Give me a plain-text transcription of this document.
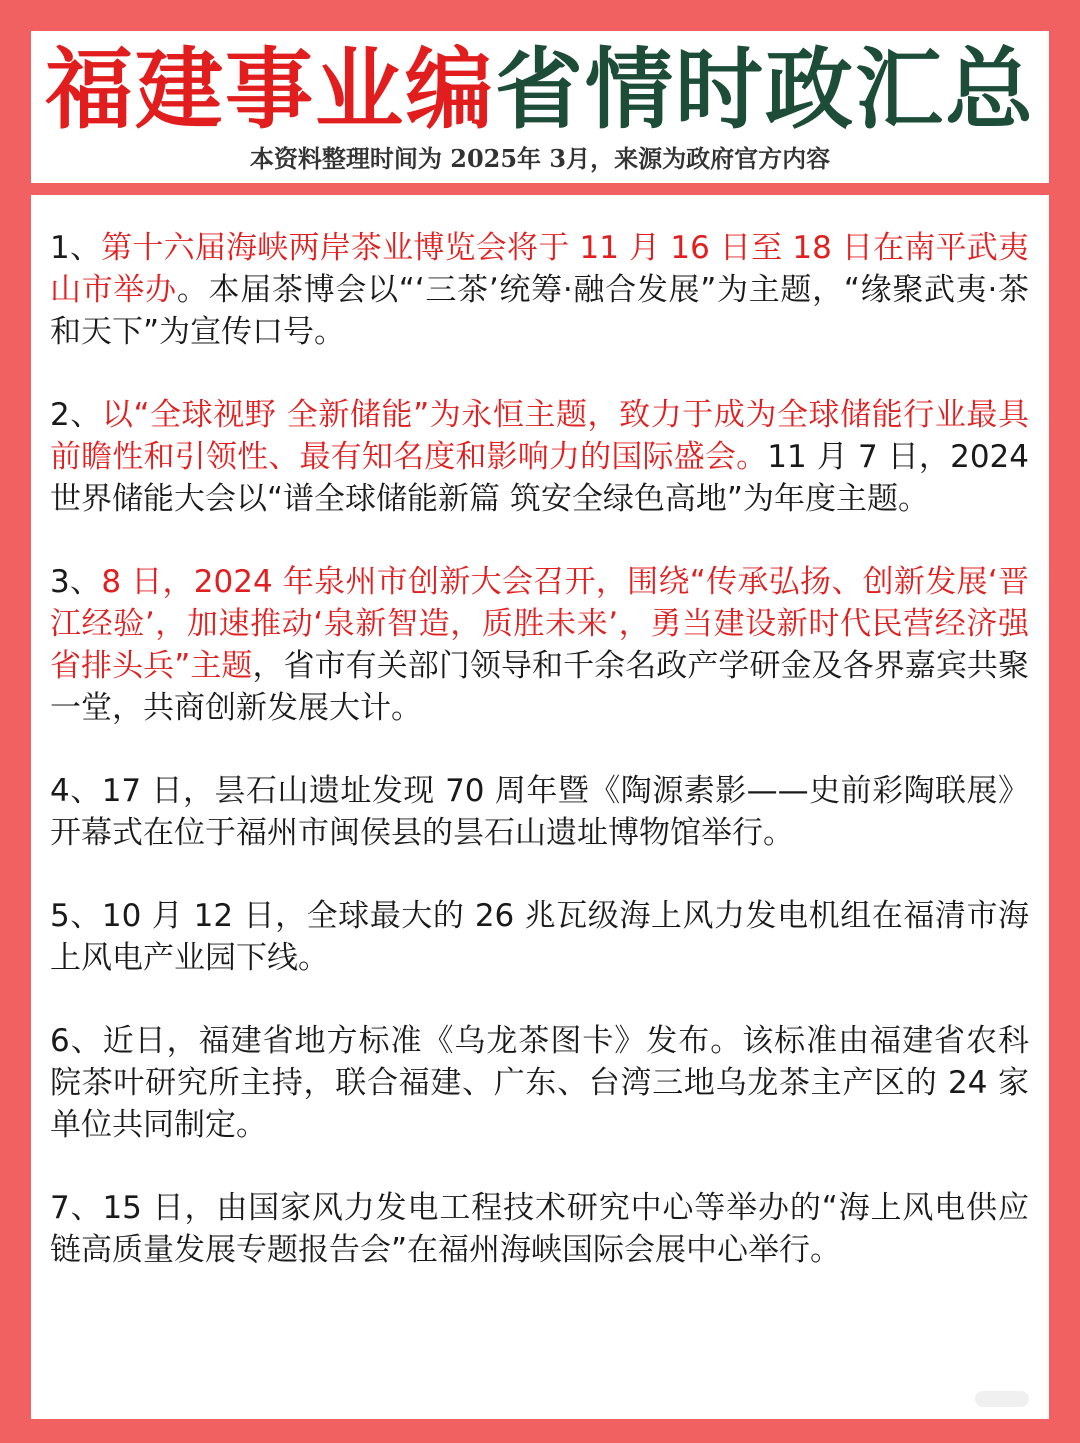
福建事业编省情时政汇总
本资料整理时间为 2025年 3月，来源为政府官方内容

1、第十六届海峡两岸茶业博览会将于 11 月 16 日至 18 日在南平武夷山市举办。本届茶博会以“‘三茶’统筹·融合发展”为主题，“缘聚武夷·茶和天下”为宣传口号。

2、以“全球视野 全新储能”为永恒主题，致力于成为全球储能行业最具前瞻性和引领性、最有知名度和影响力的国际盛会。11 月 7 日，2024 世界储能大会以“谱全球储能新篇 筑安全绿色高地”为年度主题。

3、8 日，2024 年泉州市创新大会召开，围绕“传承弘扬、创新发展‘晋江经验’，加速推动‘泉新智造，质胜未来’，勇当建设新时代民营经济强省排头兵”主题，省市有关部门领导和千余名政产学研金及各界嘉宾共聚一堂，共商创新发展大计。

4、17 日，昙石山遗址发现 70 周年暨《陶源素影——史前彩陶联展》开幕式在位于福州市闽侯县的昙石山遗址博物馆举行。

5、10 月 12 日，全球最大的 26 兆瓦级海上风力发电机组在福清市海上风电产业园下线。

6、近日，福建省地方标准《乌龙茶图卡》发布。该标准由福建省农科院茶叶研究所主持，联合福建、广东、台湾三地乌龙茶主产区的 24 家单位共同制定。

7、15 日，由国家风力发电工程技术研究中心等举办的“海上风电供应链高质量发展专题报告会”在福州海峡国际会展中心举行。
